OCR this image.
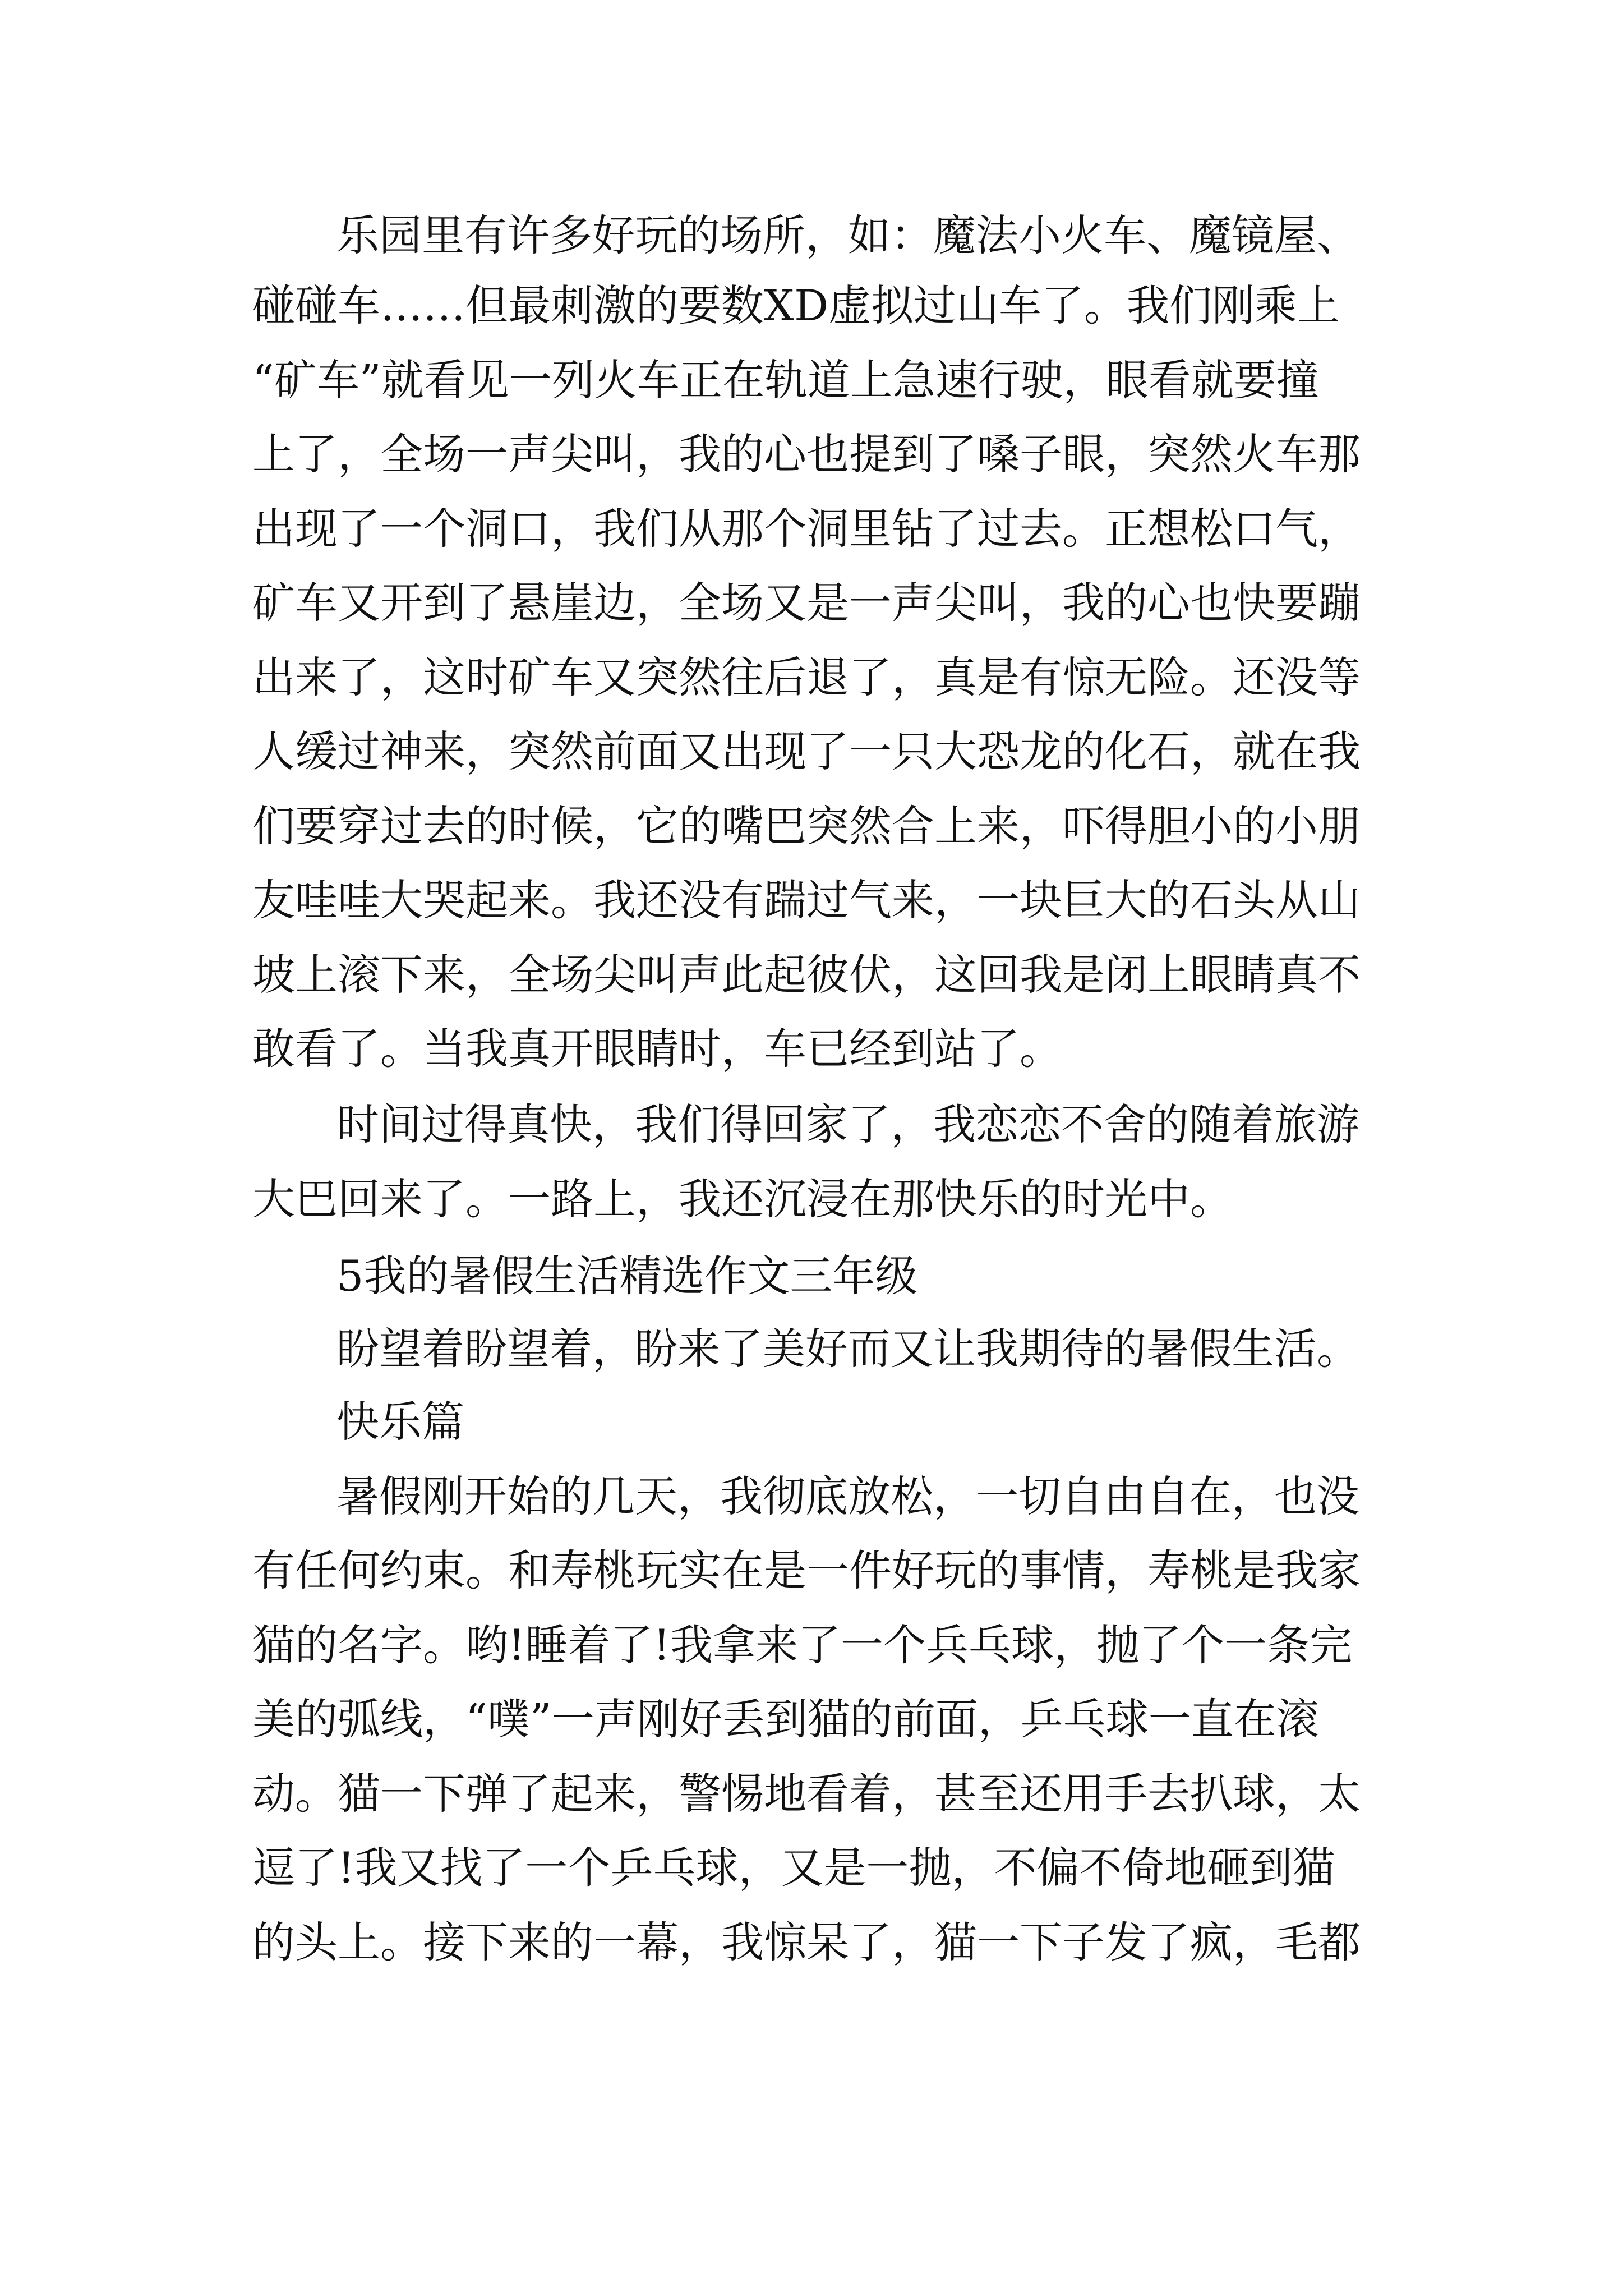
乐园里有许多好玩的场所，如：魔法小火车、魔镜屋、
碰碰车……但最刺激的要数XD虚拟过山车了。我们刚乘上
“矿车”就看见一列火车正在轨道上急速行驶，眼看就要撞
上了，全场一声尖叫，我的心也提到了嗓子眼，突然火车那
出现了一个洞口，我们从那个洞里钻了过去。正想松口气，
矿车又开到了悬崖边，全场又是一声尖叫，我的心也快要蹦
出来了，这时矿车又突然往后退了，真是有惊无险。还没等
人缓过神来，突然前面又出现了一只大恐龙的化石，就在我
们要穿过去的时候，它的嘴巴突然合上来，吓得胆小的小朋
友哇哇大哭起来。我还没有踹过气来，一块巨大的石头从山
坡上滚下来，全场尖叫声此起彼伏，这回我是闭上眼睛真不
敢看了。当我真开眼睛时，车已经到站了。
时间过得真快，我们得回家了，我恋恋不舍的随着旅游
大巴回来了。一路上，我还沉浸在那快乐的时光中。
5我的暑假生活精选作文三年级
盼望着盼望着，盼来了美好而又让我期待的暑假生活。
快乐篇
暑假刚开始的几天，我彻底放松，一切自由自在，也没
有任何约束。和寿桃玩实在是一件好玩的事情，寿桃是我家
猫的名字。哟!睡着了!我拿来了一个兵乓球，抛了个一条完
美的弧线，“噗”一声刚好丢到猫的前面，乒乓球一直在滚
动。猫一下弹了起来，警惕地看着，甚至还用手去扒球，太
逗了!我又找了一个乒乓球，又是一抛，不偏不倚地砸到猫
的头上。接下来的一幕，我惊呆了，猫一下子发了疯，毛都
